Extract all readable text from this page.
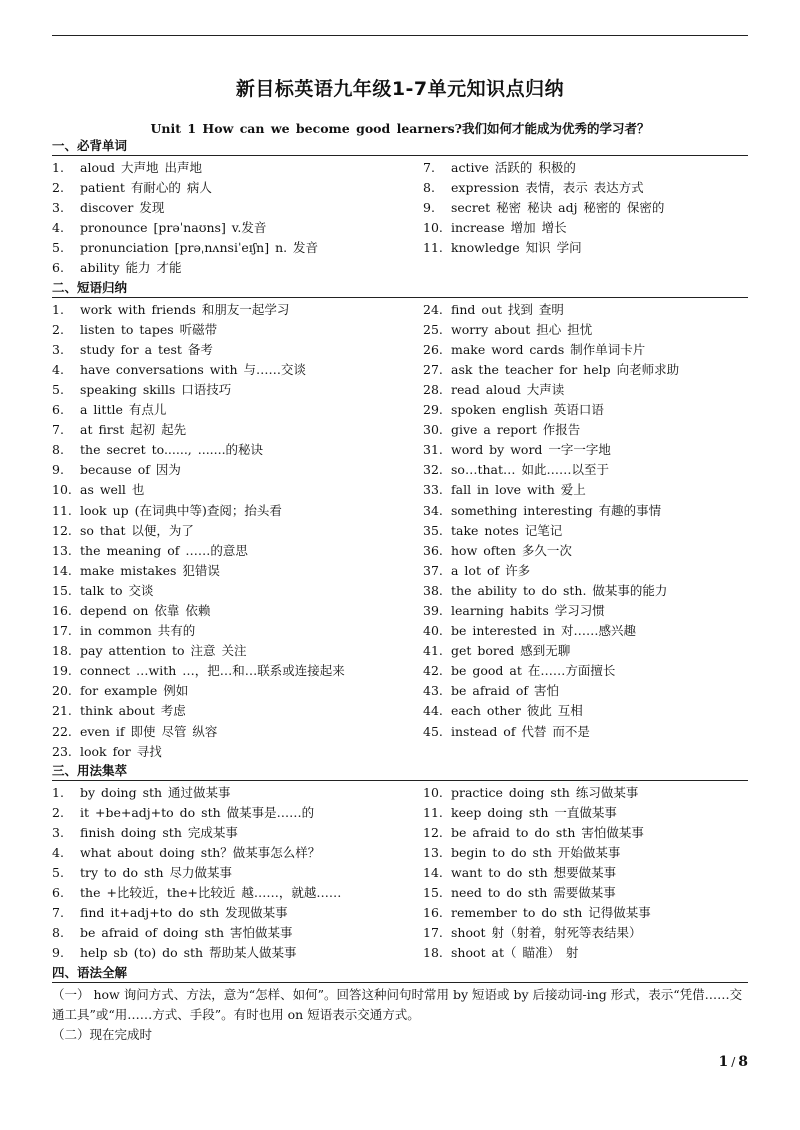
新目标英语九年级1-7单元知识点归纳
Unit 1 How can we become good learners?我们如何才能成为优秀的学习者？
一、必背单词
1.	aloud 大声地 出声地
2.	patient 有耐心的 病人
3.	discover 发现
4.	pronounce [prəˈnaʊns] v.发音
5.	pronunciation [prəˌnʌnsiˈeɪʃn] n. 发音
6.	ability 能力 才能
7.	active 活跃的 积极的
8.	expression 表情，表示 表达方式
9.	secret 秘密 秘诀 adj 秘密的 保密的
10. increase 增加 增长
11. knowledge 知识 学问
二、短语归纳
1.	work with friends 和朋友一起学习
2.	listen to tapes 听磁带
3.	study for a test 备考
4.	have conversations with 与……交谈
5.	speaking skills 口语技巧
6.	a little 有点儿
7.	at first 起初 起先
8.	the secret to......, .......的秘诀
9.	because of 因为
10. as well 也
11. look up (在词典中等)查阅；抬头看
12. so that 以便，为了
13. the meaning of ……的意思
14. make mistakes 犯错误
15. talk to 交谈
16. depend on 依靠 依赖
17. in common 共有的
18. pay attention to 注意 关注
19. connect …with …，把…和…联系或连接起来
20. for example 例如
21. think about 考虑
22. even if 即使 尽管 纵容
23. look for 寻找
24. find out 找到 查明
25. worry about 担心 担忧
26. make word cards 制作单词卡片
27. ask the teacher for help 向老师求助
28. read aloud 大声读
29. spoken english 英语口语
30. give a report 作报告
31. word by word 一字一字地
32. so…that… 如此……以至于
33. fall in love with 爱上
34. something interesting 有趣的事情
35. take notes 记笔记
36. how often 多久一次
37. a lot of 许多
38. the ability to do sth. 做某事的能力
39. learning habits 学习习惯
40. be interested in 对……感兴趣
41. get bored 感到无聊
42. be good at 在……方面擅长
43. be afraid of 害怕
44. each other 彼此 互相
45. instead of 代替 而不是
三、用法集萃
1.	by doing sth 通过做某事
2.	it +be+adj+to do sth 做某事是……的
3.	finish doing sth 完成某事
4.	what about doing sth？做某事怎么样？
5.	try to do sth 尽力做某事
6.	the +比较近，the+比较近 越……，就越……
7.	find it+adj+to do sth 发现做某事
8.	be afraid of doing sth 害怕做某事
9.	help sb (to) do sth 帮助某人做某事
10. practice doing sth 练习做某事
11. keep doing sth 一直做某事
12. be afraid to do sth 害怕做某事
13. begin to do sth 开始做某事
14. want to do sth 想要做某事
15. need to do sth 需要做某事
16. remember to do sth 记得做某事
17. shoot 射（射着，射死等表结果）
18. shoot at（ 瞄准） 射
四、语法全解

（一） how 询问方式、方法，意为“怎样、如何”。回答这种问句时常用 by 短语或 by 后接动词-ing 形式，表示“凭借……交通工具”或“用……方式、手段”。有时也用 on 短语表示交通方式。

（二）现在完成时

1 / 8
